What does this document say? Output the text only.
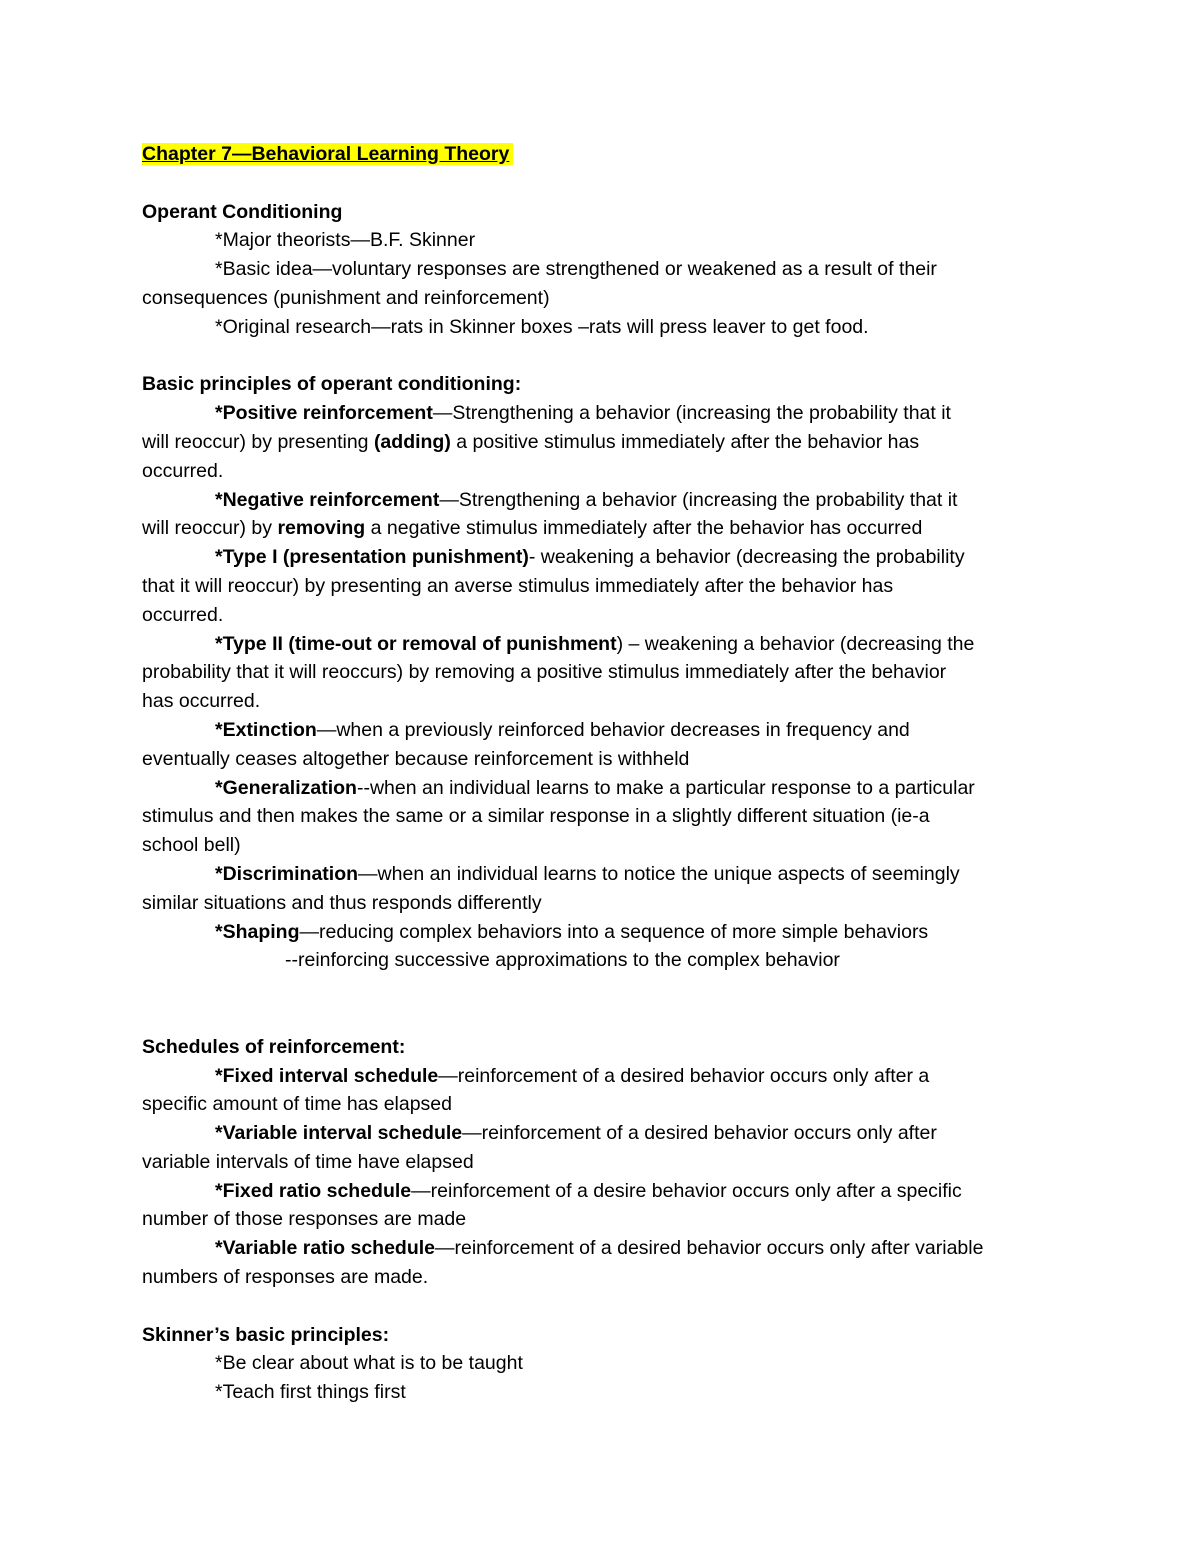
Chapter 7—Behavioral Learning Theory
Operant Conditioning
*Major theorists—B.F. Skinner
*Basic idea—voluntary responses are strengthened or weakened as a result of their
consequences (punishment and reinforcement)
*Original research—rats in Skinner boxes –rats will press leaver to get food.
Basic principles of operant conditioning:
*Positive reinforcement—Strengthening a behavior (increasing the probability that it
will reoccur) by presenting (adding) a positive stimulus immediately after the behavior has
occurred.
*Negative reinforcement—Strengthening a behavior (increasing the probability that it
will reoccur) by removing a negative stimulus immediately after the behavior has occurred
*Type I (presentation punishment)- weakening a behavior (decreasing the probability
that it will reoccur) by presenting an averse stimulus immediately after the behavior has
occurred.
*Type II (time-out or removal of punishment) – weakening a behavior (decreasing the
probability that it will reoccurs) by removing a positive stimulus immediately after the behavior
has occurred.
*Extinction—when a previously reinforced behavior decreases in frequency and
eventually ceases altogether because reinforcement is withheld
*Generalization--when an individual learns to make a particular response to a particular
stimulus and then makes the same or a similar response in a slightly different situation (ie-a
school bell)
*Discrimination—when an individual learns to notice the unique aspects of seemingly
similar situations and thus responds differently
*Shaping—reducing complex behaviors into a sequence of more simple behaviors
--reinforcing successive approximations to the complex behavior
Schedules of reinforcement:
*Fixed interval schedule—reinforcement of a desired behavior occurs only after a
specific amount of time has elapsed
*Variable interval schedule—reinforcement of a desired behavior occurs only after
variable intervals of time have elapsed
*Fixed ratio schedule—reinforcement of a desire behavior occurs only after a specific
number of those responses are made
*Variable ratio schedule—reinforcement of a desired behavior occurs only after variable
numbers of responses are made.
Skinner’s basic principles:
*Be clear about what is to be taught
*Teach first things first
